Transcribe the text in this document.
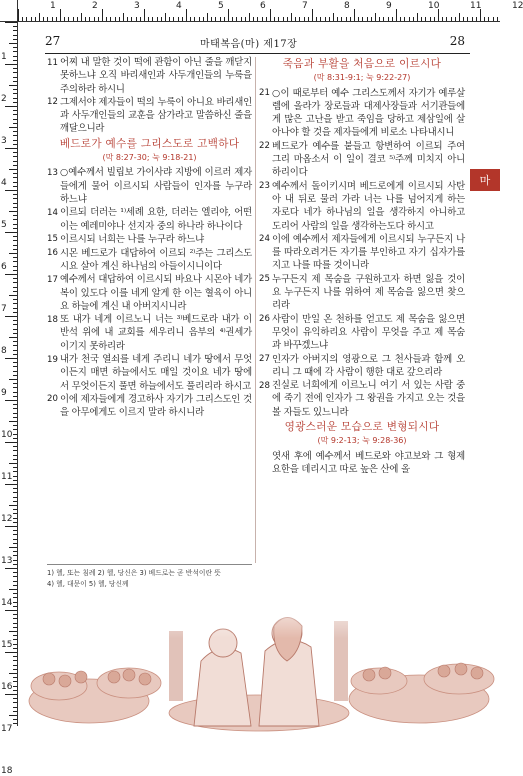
1	2	3	4	5	6	7	8	9	10	11	12
1
2
3
4
5
6
7
8
9
10
11
12
13
14
15
16
17
18
27	마태복음(마) 제17장	28
11 어찌 내 말한 것이 떡에 관함이 아닌 줄을 깨닫지 못하느냐 오직 바리새인과 사두개인들의 누룩을 주의하라 하시니
12 그제서야 제자들이 떡의 누룩이 아니요 바리새인과 사두개인들의 교훈을 삼가라고 말씀하신 줄을 깨달으니라
베드로가 예수를 그리스도로 고백하다
(막 8:27-30; 눅 9:18-21)
13 ○예수께서 빌립보 가이사랴 지방에 이르러 제자들에게 물어 이르시되 사람들이 인자를 누구라 하느냐
14 이르되 더러는 ¹⁾세례 요한, 더러는 엘리야, 어떤 이는 예레미야나 선지자 중의 하나라 하나이다
15 이르시되 너희는 나를 누구라 하느냐
16 시몬 베드로가 대답하여 이르되 ²⁾주는 그리스도시요 살아 계신 하나님의 아들이시니이다
17 예수께서 대답하여 이르시되 바요나 시몬아 네가 복이 있도다 이를 네게 알게 한 이는 혈육이 아니요 하늘에 계신 내 아버지시니라
18 또 내가 네게 이르노니 너는 ³⁾베드로라 내가 이 반석 위에 내 교회를 세우리니 음부의 ⁴⁾권세가 이기지 못하리라
19 내가 천국 열쇠를 네게 주리니 네가 땅에서 무엇이든지 매면 하늘에서도 매일 것이요 네가 땅에서 무엇이든지 풀면 하늘에서도 풀리리라 하시고
20 이에 제자들에게 경고하사 자기가 그리스도인 것을 아무에게도 이르지 말라 하시니라
죽음과 부활을 처음으로 이르시다
(막 8:31-9:1; 눅 9:22-27)
21 ○이 때로부터 예수 그리스도께서 자기가 예루살렘에 올라가 장로들과 대제사장들과 서기관들에게 많은 고난을 받고 죽임을 당하고 제삼일에 살아나야 할 것을 제자들에게 비로소 나타내시니
22 베드로가 예수를 붙들고 항변하여 이르되 주여 그리 마옵소서 이 일이 결코 ⁵⁾주께 미치지 아니하리이다
23 예수께서 돌이키시며 베드로에게 이르시되 사탄아 내 뒤로 물러 가라 너는 나를 넘어지게 하는 자로다 네가 하나님의 일을 생각하지 아니하고 도리어 사람의 일을 생각하는도다 하시고
24 이에 예수께서 제자들에게 이르시되 누구든지 나를 따라오려거든 자기를 부인하고 자기 십자가를 지고 나를 따를 것이니라
25 누구든지 제 목숨을 구원하고자 하면 잃을 것이요 누구든지 나를 위하여 제 목숨을 잃으면 찾으리라
26 사람이 만일 온 천하를 얻고도 제 목숨을 잃으면 무엇이 유익하리요 사람이 무엇을 주고 제 목숨과 바꾸겠느냐
27 인자가 아버지의 영광으로 그 천사들과 함께 오리니 그 때에 각 사람이 행한 대로 갚으리라
28 진실로 너희에게 이르노니 여기 서 있는 사람 중에 죽기 전에 인자가 그 왕권을 가지고 오는 것을 볼 자들도 있느니라
영광스러운 모습으로 변형되시다
(막 9:2-13; 눅 9:28-36)
엿새 후에 예수께서 베드로와 야고보와 그 형제 요한을 데리시고 따로 높은 산에 올
1) 헬, 또는 침례 2) 헬, 당신은 3) 베드로는 곧 반석이란 뜻
4) 헬, 대문이 5) 헬, 당신께
마
